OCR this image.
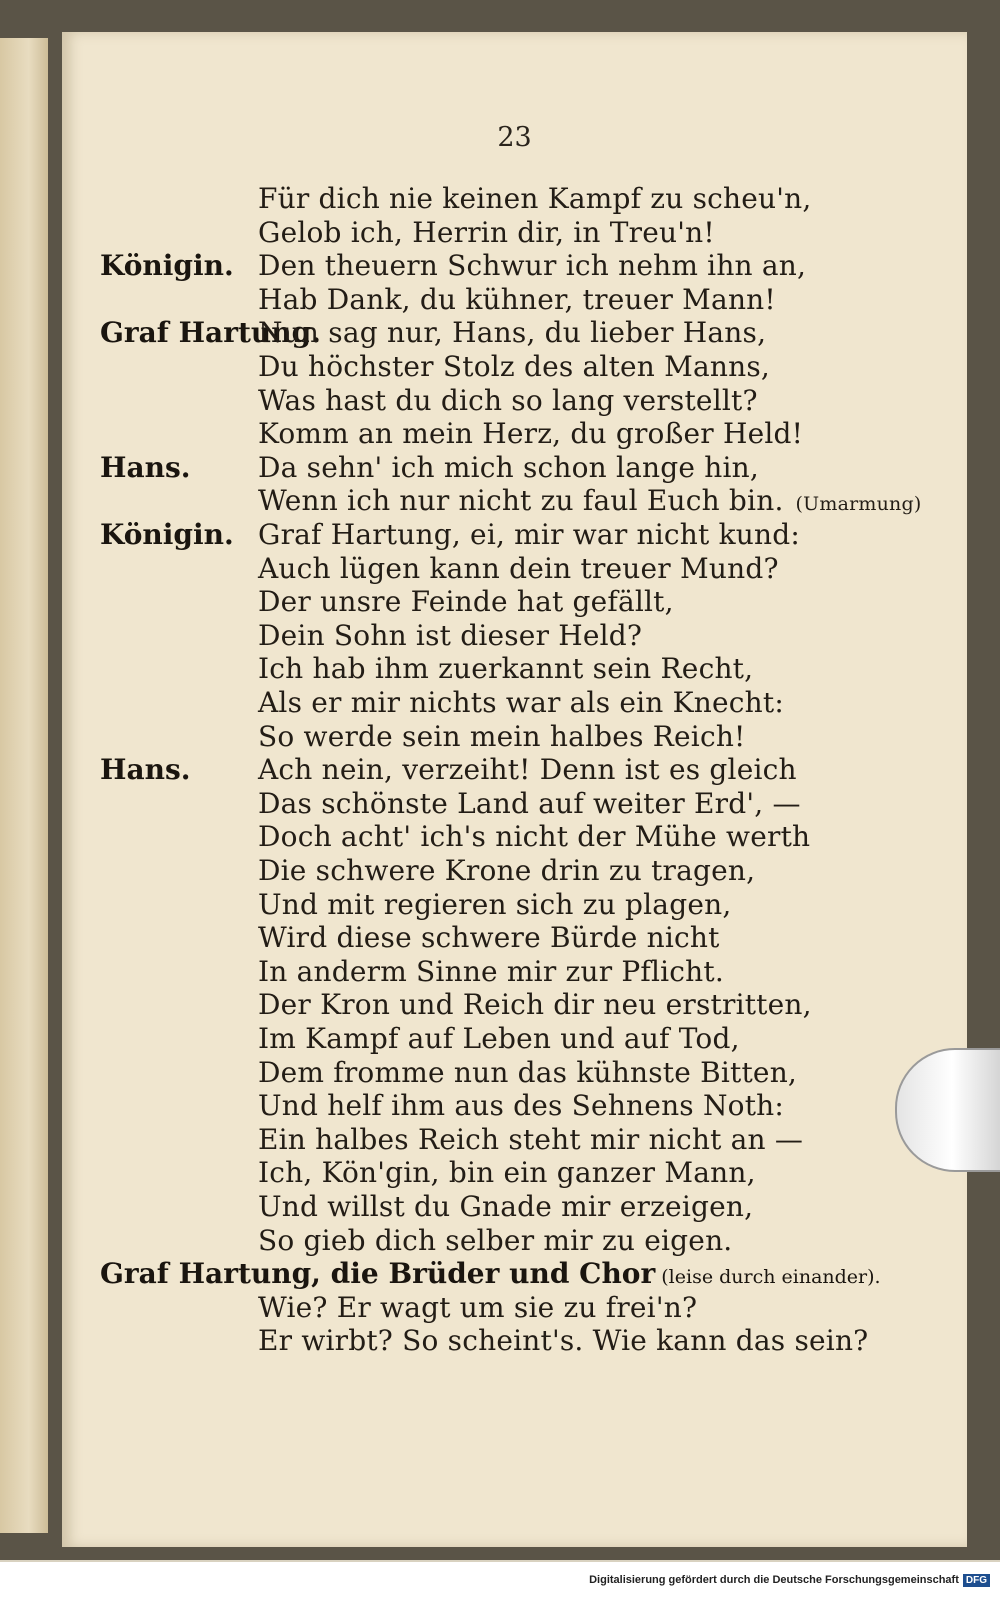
23
Für dich nie keinen Kampf zu scheu'n,
Gelob ich, Herrin dir, in Treu'n!
Königin. Den theuern Schwur ich nehm ihn an,
Hab Dank, du kühner, treuer Mann!
Graf Hartung.
Nun sag nur, Hans, du lieber Hans,
Du höchster Stolz des alten Manns,
Was hast du dich so lang verstellt?
Komm an mein Herz, du großer Held!
Hans. Da sehn' ich mich schon lange hin,
Wenn ich nur nicht zu faul Euch bin. (Umarmung)
Königin. Graf Hartung, ei, mir war nicht kund:
Auch lügen kann dein treuer Mund?
Der unsre Feinde hat gefällt,
Dein Sohn ist dieser Held?
Ich hab ihm zuerkannt sein Recht,
Als er mir nichts war als ein Knecht:
So werde sein mein halbes Reich!
Hans. Ach nein, verzeiht! Denn ist es gleich
Das schönste Land auf weiter Erd', —
Doch acht' ich's nicht der Mühe werth
Die schwere Krone drin zu tragen,
Und mit regieren sich zu plagen,
Wird diese schwere Bürde nicht
In anderm Sinne mir zur Pflicht.
Der Kron und Reich dir neu erstritten,
Im Kampf auf Leben und auf Tod,
Dem fromme nun das kühnste Bitten,
Und helf ihm aus des Sehnens Noth:
Ein halbes Reich steht mir nicht an —
Ich, Kön'gin, bin ein ganzer Mann,
Und willst du Gnade mir erzeigen,
So gieb dich selber mir zu eigen.
Graf Hartung, die Brüder und Chor (leise durch einander).
Wie? Er wagt um sie zu frei'n?
Er wirbt? So scheint's. Wie kann das sein?
Digitalisierung gefördert durch die Deutsche Forschungsgemeinschaft DFG
